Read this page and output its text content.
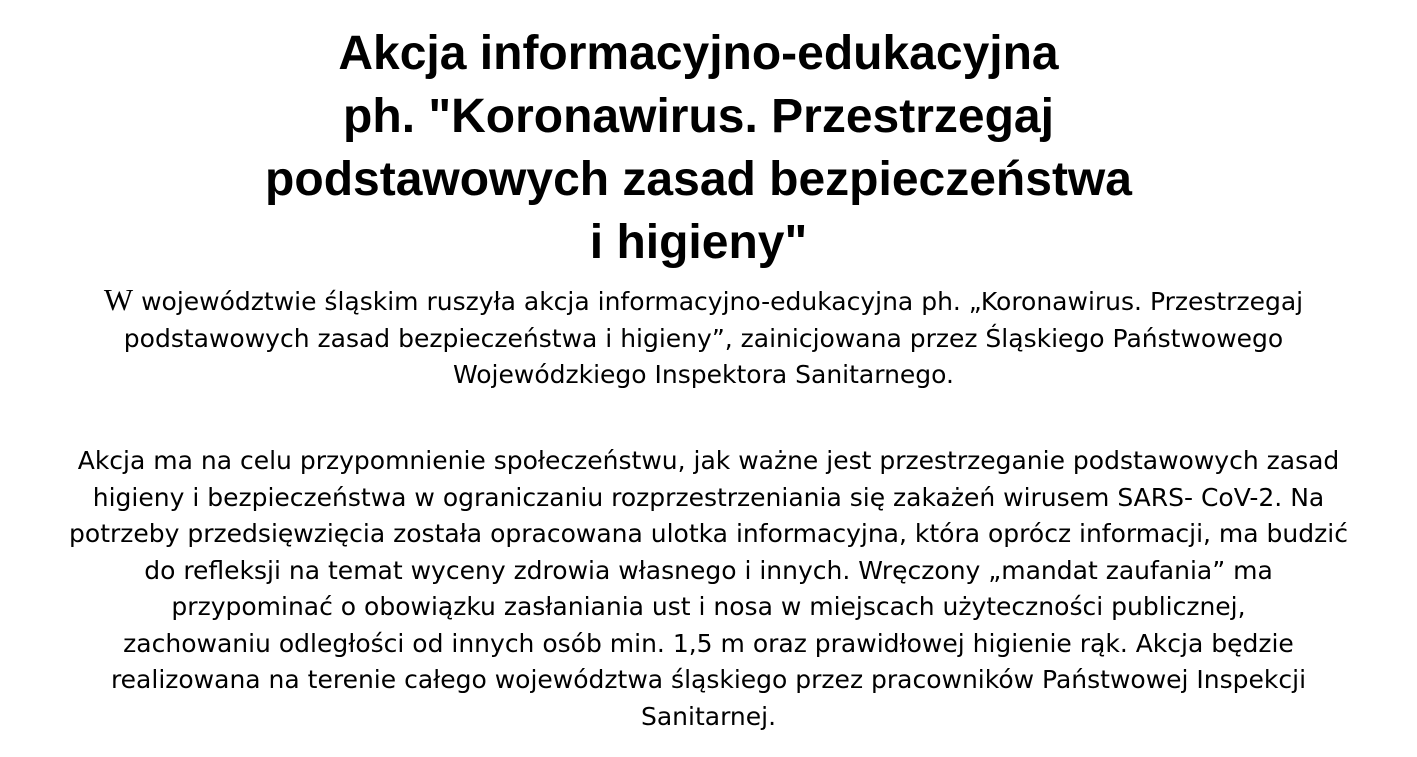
Akcja informacyjno-edukacyjna
ph. "Koronawirus. Przestrzegaj
podstawowych zasad bezpieczeństwa
i higieny"

W województwie śląskim ruszyła akcja informacyjno-edukacyjna ph. „Koronawirus. Przestrzegaj
podstawowych zasad bezpieczeństwa i higieny”, zainicjowana przez Śląskiego Państwowego
Wojewódzkiego Inspektora Sanitarnego.

Akcja ma na celu przypomnienie społeczeństwu, jak ważne jest przestrzeganie podstawowych zasad
higieny i bezpieczeństwa w ograniczaniu rozprzestrzeniania się zakażeń wirusem SARS- CoV-2. Na
potrzeby przedsięwzięcia została opracowana ulotka informacyjna, która oprócz informacji, ma budzić
do refleksji na temat wyceny zdrowia własnego i innych. Wręczony „mandat zaufania” ma
przypominać o obowiązku zasłaniania ust i nosa w miejscach użyteczności publicznej,
zachowaniu odległości od innych osób min. 1,5 m oraz prawidłowej higienie rąk. Akcja będzie
realizowana na terenie całego województwa śląskiego przez pracowników Państwowej Inspekcji
Sanitarnej.
